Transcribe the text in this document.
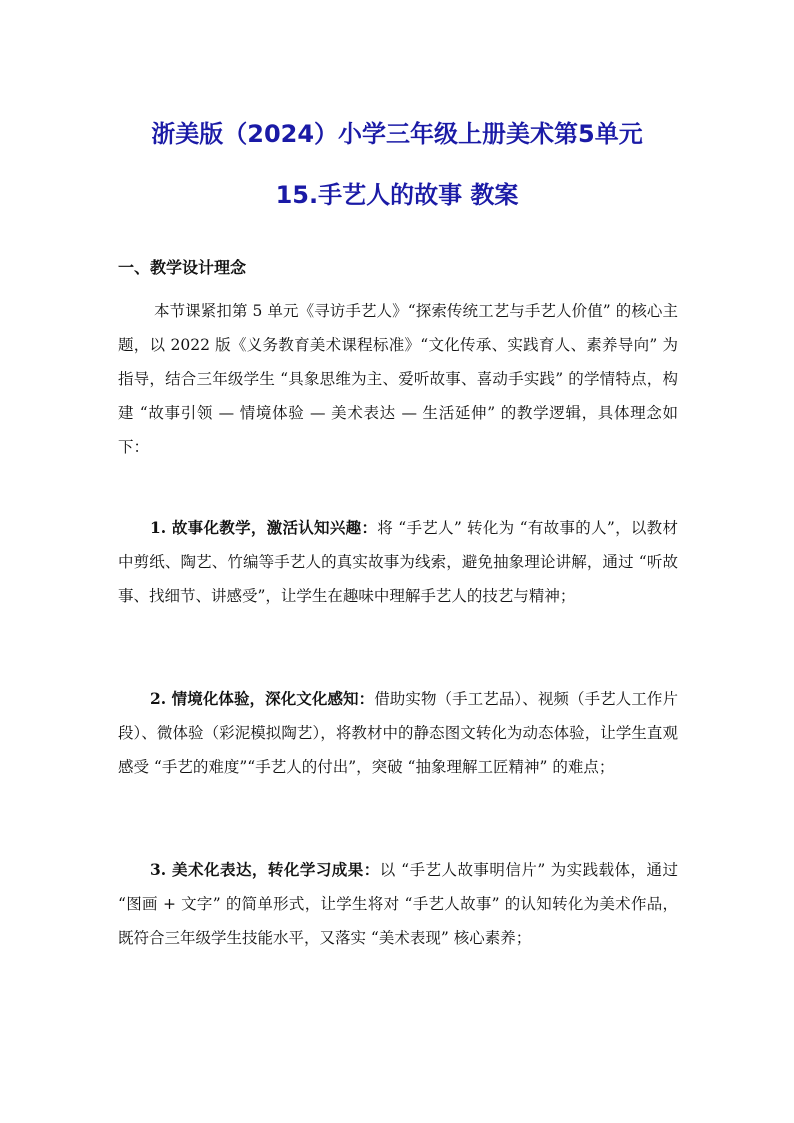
浙美版（2024）小学三年级上册美术第5单元
15.手艺人的故事 教案
一、教学设计理念

本节课紧扣第 5 单元《寻访手艺人》“探索传统工艺与手艺人价值” 的核心主题，以 2022 版《义务教育美术课程标准》“文化传承、实践育人、素养导向” 为指导，结合三年级学生 “具象思维为主、爱听故事、喜动手实践” 的学情特点，构建 “故事引领 — 情境体验 — 美术表达 — 生活延伸” 的教学逻辑，具体理念如下：

1. 故事化教学，激活认知兴趣：将 “手艺人” 转化为 “有故事的人”，以教材中剪纸、陶艺、竹编等手艺人的真实故事为线索，避免抽象理论讲解，通过 “听故事、找细节、讲感受”，让学生在趣味中理解手艺人的技艺与精神；

2. 情境化体验，深化文化感知：借助实物（手工艺品）、视频（手艺人工作片段）、微体验（彩泥模拟陶艺），将教材中的静态图文转化为动态体验，让学生直观感受 “手艺的难度”“手艺人的付出”，突破 “抽象理解工匠精神” 的难点；

3. 美术化表达，转化学习成果：以 “手艺人故事明信片” 为实践载体，通过 “图画 + 文字” 的简单形式，让学生将对 “手艺人故事” 的认知转化为美术作品，既符合三年级学生技能水平，又落实 “美术表现” 核心素养；
